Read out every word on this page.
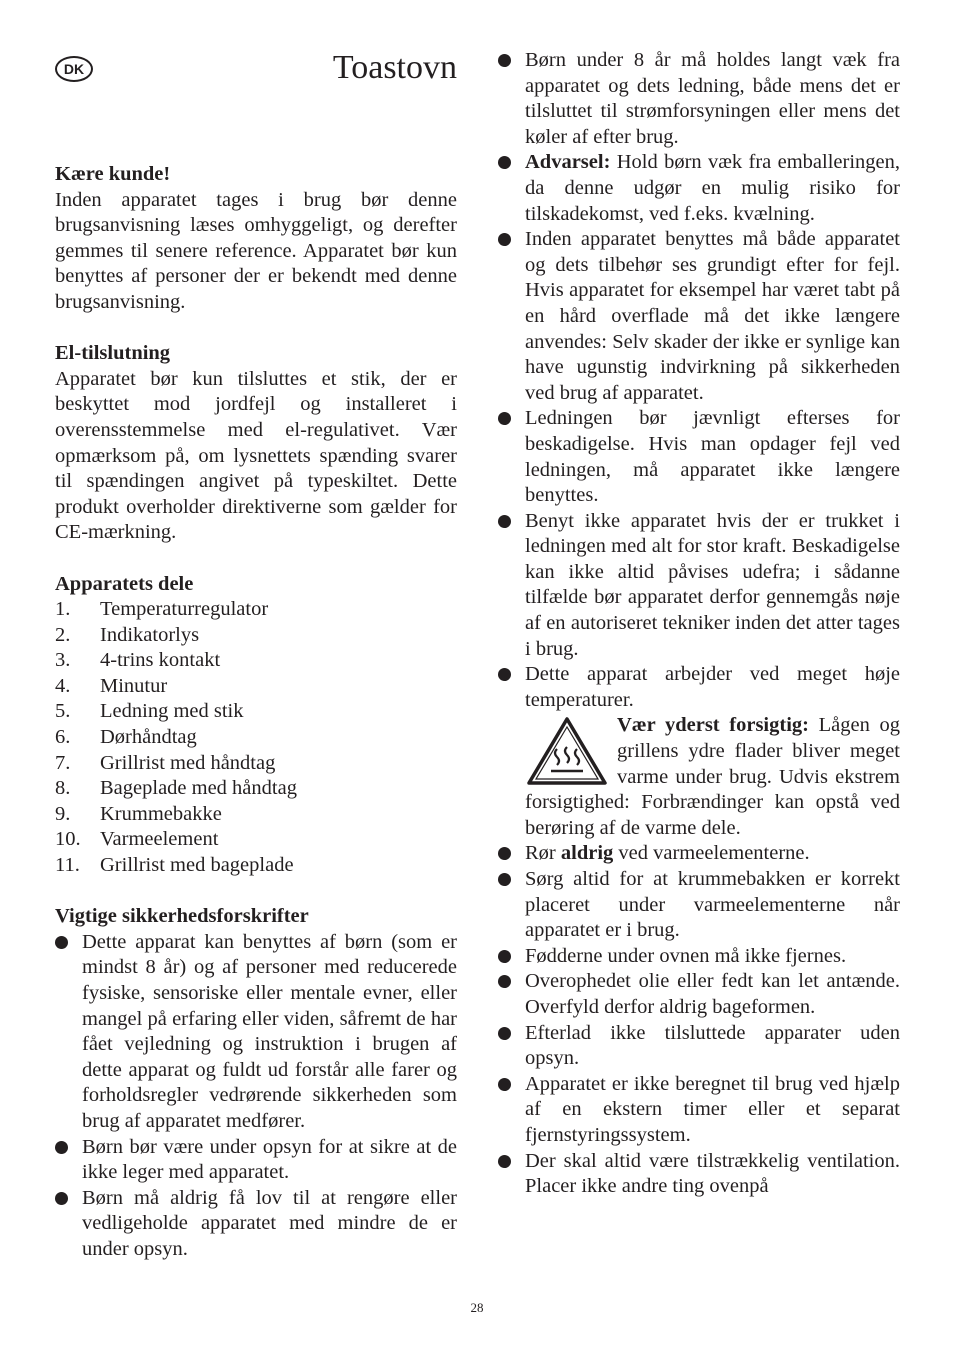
DK	Toastovn
Kære kunde!

Inden apparatet tages i brug bør denne brugsanvisning læses omhyggeligt, og derefter gemmes til senere reference. Apparatet bør kun benyttes af personer der er bekendt med denne brugsanvisning.

El-tilslutning

Apparatet bør kun tilsluttes et stik, der er beskyttet mod jordfejl og installeret i overensstemmelse med el-regulativet. Vær opmærksom på, om lysnettets spænding svarer til spændingen angivet på typeskiltet. Dette produkt overholder direktiverne som gælder for CE-mærkning.

Apparatets dele
1.	Temperaturregulator
2.	Indikatorlys
3.	4-trins kontakt
4.	Minutur
5.	Ledning med stik
6.	Dørhåndtag
7.	Grillrist med håndtag
8.	Bageplade med håndtag
9.	Krummebakke
10. Varmeelement
11. Grillrist med bageplade
Vigtige sikkerhedsforskrifter
Dette apparat kan benyttes af børn (som er mindst 8 år) og af personer med reducerede fysiske, sensoriske eller mentale evner, eller mangel på erfaring eller viden, såfremt de har fået vejledning og instruktion i brugen af dette apparat og fuldt ud forstår alle farer og forholdsregler vedrørende sikkerheden som brug af apparatet medfører.
Børn bør være under opsyn for at sikre at de ikke leger med apparatet.
Børn må aldrig få lov til at rengøre eller vedligeholde apparatet med mindre de er under opsyn.
Børn under 8 år må holdes langt væk fra apparatet og dets ledning, både mens det er tilsluttet til strømforsyningen eller mens det køler af efter brug.
Advarsel: Hold børn væk fra emballeringen, da denne udgør en mulig risiko for tilskadekomst, ved f.eks. kvælning.
Inden apparatet benyttes må både apparatet og dets tilbehør ses grundigt efter for fejl. Hvis apparatet for eksempel har været tabt på en hård overflade må det ikke længere anvendes: Selv skader der ikke er synlige kan have ugunstig indvirkning på sikkerheden ved brug af apparatet.
Ledningen bør jævnligt efterses for beskadigelse. Hvis man opdager fejl ved ledningen, må apparatet ikke længere benyttes.
Benyt ikke apparatet hvis der er trukket i ledningen med alt for stor kraft. Beskadigelse kan ikke altid påvises udefra; i sådanne tilfælde bør apparatet derfor gennemgås nøje af en autoriseret tekniker inden det atter tages i brug.
Dette apparat arbejder ved meget høje temperaturer.
Vær yderst forsigtig: Lågen og grillens ydre flader bliver meget varme under brug. Udvis ekstrem forsigtighed: Forbrændinger kan opstå ved berøring af de varme dele.
Rør aldrig ved varmeelementerne.
Sørg altid for at krummebakken er korrekt placeret under varmeelementerne når apparatet er i brug.
Fødderne under ovnen må ikke fjernes.
Overophedet olie eller fedt kan let antænde. Overfyld derfor aldrig bageformen.
Efterlad ikke tilsluttede apparater uden opsyn.
Apparatet er ikke beregnet til brug ved hjælp af en ekstern timer eller et separat fjernstyringssystem.
Der skal altid være tilstrækkelig ventilation. Placer ikke andre ting ovenpå
28
